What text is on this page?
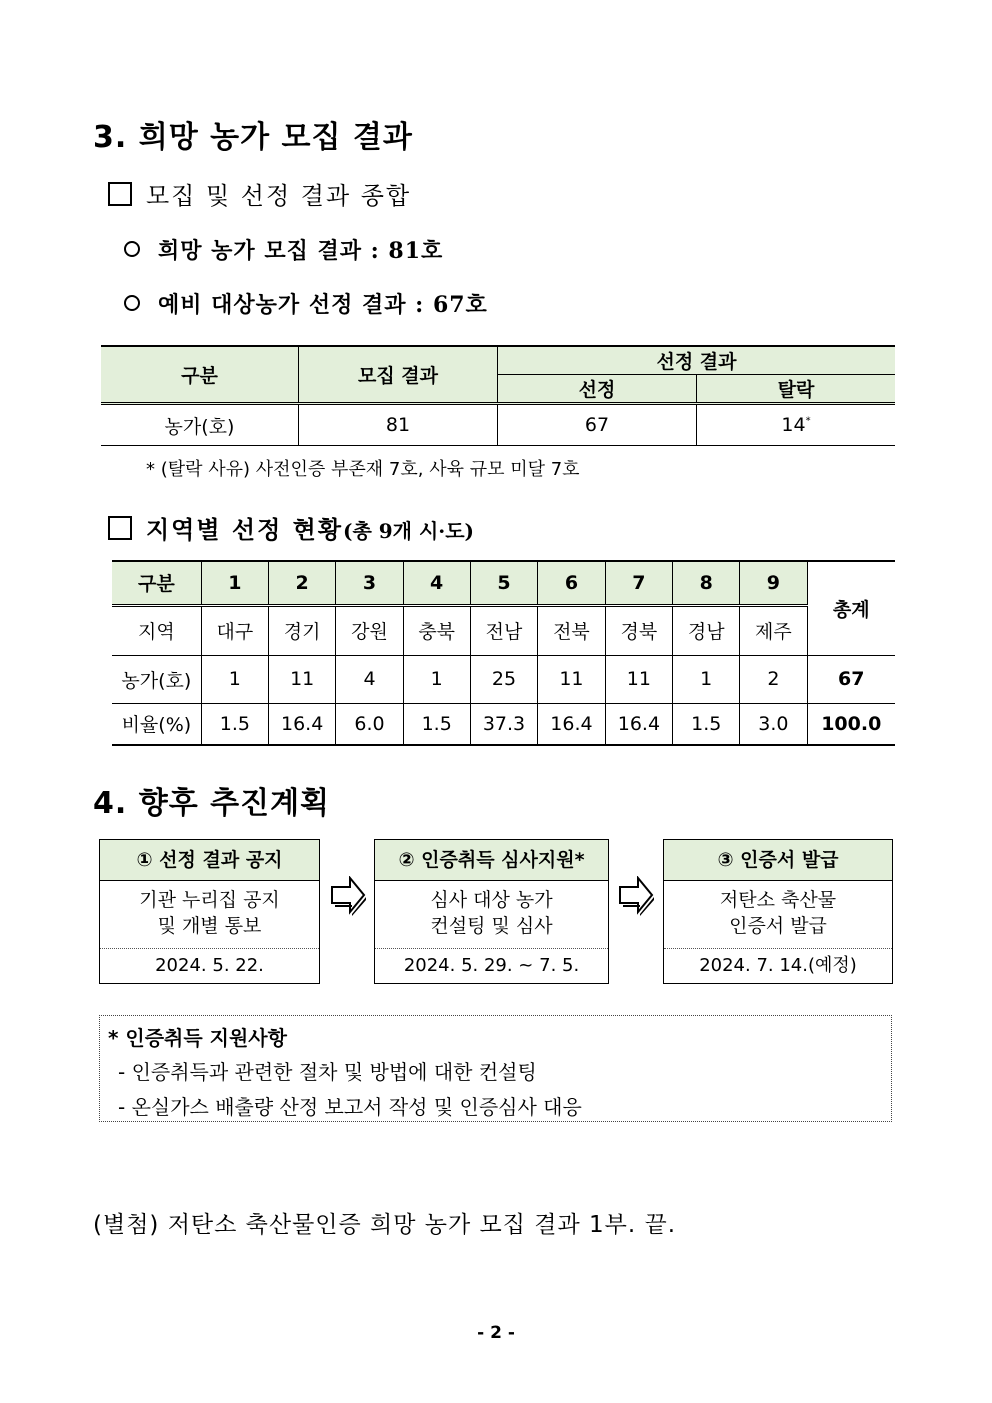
3. 희망 농가 모집 결과
모집 및 선정 결과 종합
희망 농가 모집 결과 : 81호
예비 대상농가 선정 결과 : 67호
구분	모집 결과	선정 결과	
		선정	탈락
농가(호)	81	67	14*
* (탈락 사유) 사전인증 부존재 7호, 사육 규모 미달 7호
지역별 선정 현황(총 9개 시·도)
구분	1	2	3	4	5	6	7	8	9	총계
지역	대구	경기	강원	충북	전남	전북	경북	경남	제주	
농가(호)	1	11	4	1	25	11	11	1	2	67
비율(%)	1.5	16.4	6.0	1.5	37.3	16.4	16.4	1.5	3.0	100.0
4. 향후 추진계획
① 선정 결과 공지
기관 누리집 공지
및 개별 통보
2024. 5. 22.
② 인증취득 심사지원*
심사 대상 농가
컨설팅 및 심사
2024. 5. 29. ~ 7. 5.
③ 인증서 발급
저탄소 축산물
인증서 발급
2024. 7. 14.(예정)
* 인증취득 지원사항
- 인증취득과 관련한 절차 및 방법에 대한 컨설팅
- 온실가스 배출량 산정 보고서 작성 및 인증심사 대응
(별첨) 저탄소 축산물인증 희망 농가 모집 결과 1부. 끝.
- 2 -
